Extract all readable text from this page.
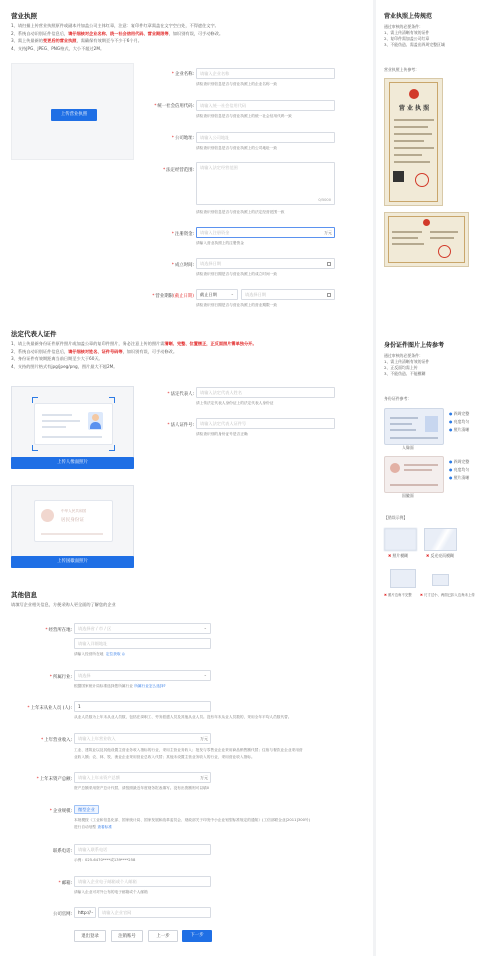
营业执照
1、请扫描上传营业执照原件或副本并加盖公司主体红章，注意：复印件红章需盖在文字空白处，不得遮住文字。
2、系统自动识别证件信息后，请仔细核对企业名称、统一社会信用代码、营业期限等，如识别有误，可手动修改。
3、需上传最新的变更后的营业执照，需确保有效期至今不少于6个月。
4、支持JPG、JPEG、PNG格式，大小不超过2M。
上传营业执照
*企业名称:	请输入企业名称
请检查识别信息是否与营业执照上的企业名称一致
*统一社会信用代码:	请输入统一社会信用代码
请检查识别信息是否与营业执照上的统一社会信用代码一致
*公司地址:	请输入公司地址
请检查识别信息是否与营业执照上的公司地址一致
*法定经营范围:
请输入法定经营范围
0/5000
请检查识别信息是否与营业执照上的法定经营范围一致
*注册资金:	请输入注册资金	万元
请输入营业执照上的注册资金
*成立时间:	请选择日期
请检查识别日期是否与营业执照上的成立时间一致
*营业期限(截止日期)	截止日期	⌄	请选择日期
请检查识别日期是否与营业执照上的营业期限一致
法定代表人证件
1、请上传最新身份证件原件照片或加盖公章的复印件照片，务必注意上传的照片需清晰、完整、位置摆正，正反面照片需单独分开。
2、系统自动识别证件信息后，请仔细核对姓名、证件号码等，如识别有误，可手动修改。
3、身份证件有效期距离当前日期至少大于60天。
4、支持的图片格式有jpg/jpeg/png，图片最大不超2M。
上传人像面照片
中华人民共和国
居民身份证
上传国徽面照片
*法定代表人:	请输入法定代表人姓名
请上传法定代表人身份证上的法定代表人身份证
*法人证件号:	请输入法定代表人证件号
请检查识别的身份证号是否正确
其他信息
请填写企业相关信息，方便采购人更全面的了解您的企业
*经营所在地:	请选择省 / 市 / 区	⌄
请输入详细地址
请输入经营所在地 定位获取 ◎
*所属行业:	请选择	⌄
根据国家统计局标准选择您所属行业 所属行业怎么选择?
*上年末从业人员 (人):	1
从业人员数为上年末从业人员数，包括在岗职工、劳务派遣人员及其他从业人员。没有年末从业人员数的，采用全年平均人员数代替。
*上年营业收入:	请输入上年营业收入	万元
工业、建筑业以及其他设置主营业务收入指标的行业，采用主营业务收入；批发与零售业企业采用商品销售额代替；住宿与餐饮业企业采用营
业收入额；农、林、牧、渔业企业采用营业总收入代替；其他未设置主营业务收入的行业，采用营业收入指标。
*上年末资产总额:	请输入上年末资产总额	万元
资产总额采用资产总计代替，请按照最近年度财务报表填写。没有出资额则可以填0
*企业规模:	微型企业
本规模按《工业和信息化部、国家统计局、国家发展和改革委员会、财政部关于印发中小企业划型标准规定的通知》(工信部联企业[2011]300号)
进行自动划型 查看标准
联系电话:	请输入联系电话
示例：025-6470****或139****258
*邮箱:	请输入企业电子邮箱或个人邮箱
请输入企业可对外公布的电子邮箱或个人邮箱
公司官网:	http:// ⌄	请输入企业官网
退出登录	注销账号	上一步	下一步
营业执照上传规范
通过审核的必要条件：
1、需上传清晰有效的证件
2、复印件需加盖公司红章
3、不能伪造、需盖出四周完整区域
营业执照上传参考：
营 业 执 照
身份证件图片上传参考
通过审核的必要条件：
1、需上传清晰有效的证件
2、正反面均需上传
3、不能伪造、不能模糊
身份证件参考：
人像面
● 四周完整
● 亮度均匀
● 照片清晰
国徽面
● 四周完整
● 亮度均匀
● 照片清晰
【错误示例】
✖ 照片模糊	✖ 反光亮而模糊
✖ 照片边角不完整 ✖ 尺寸过小、两面已扣入边角未上传
